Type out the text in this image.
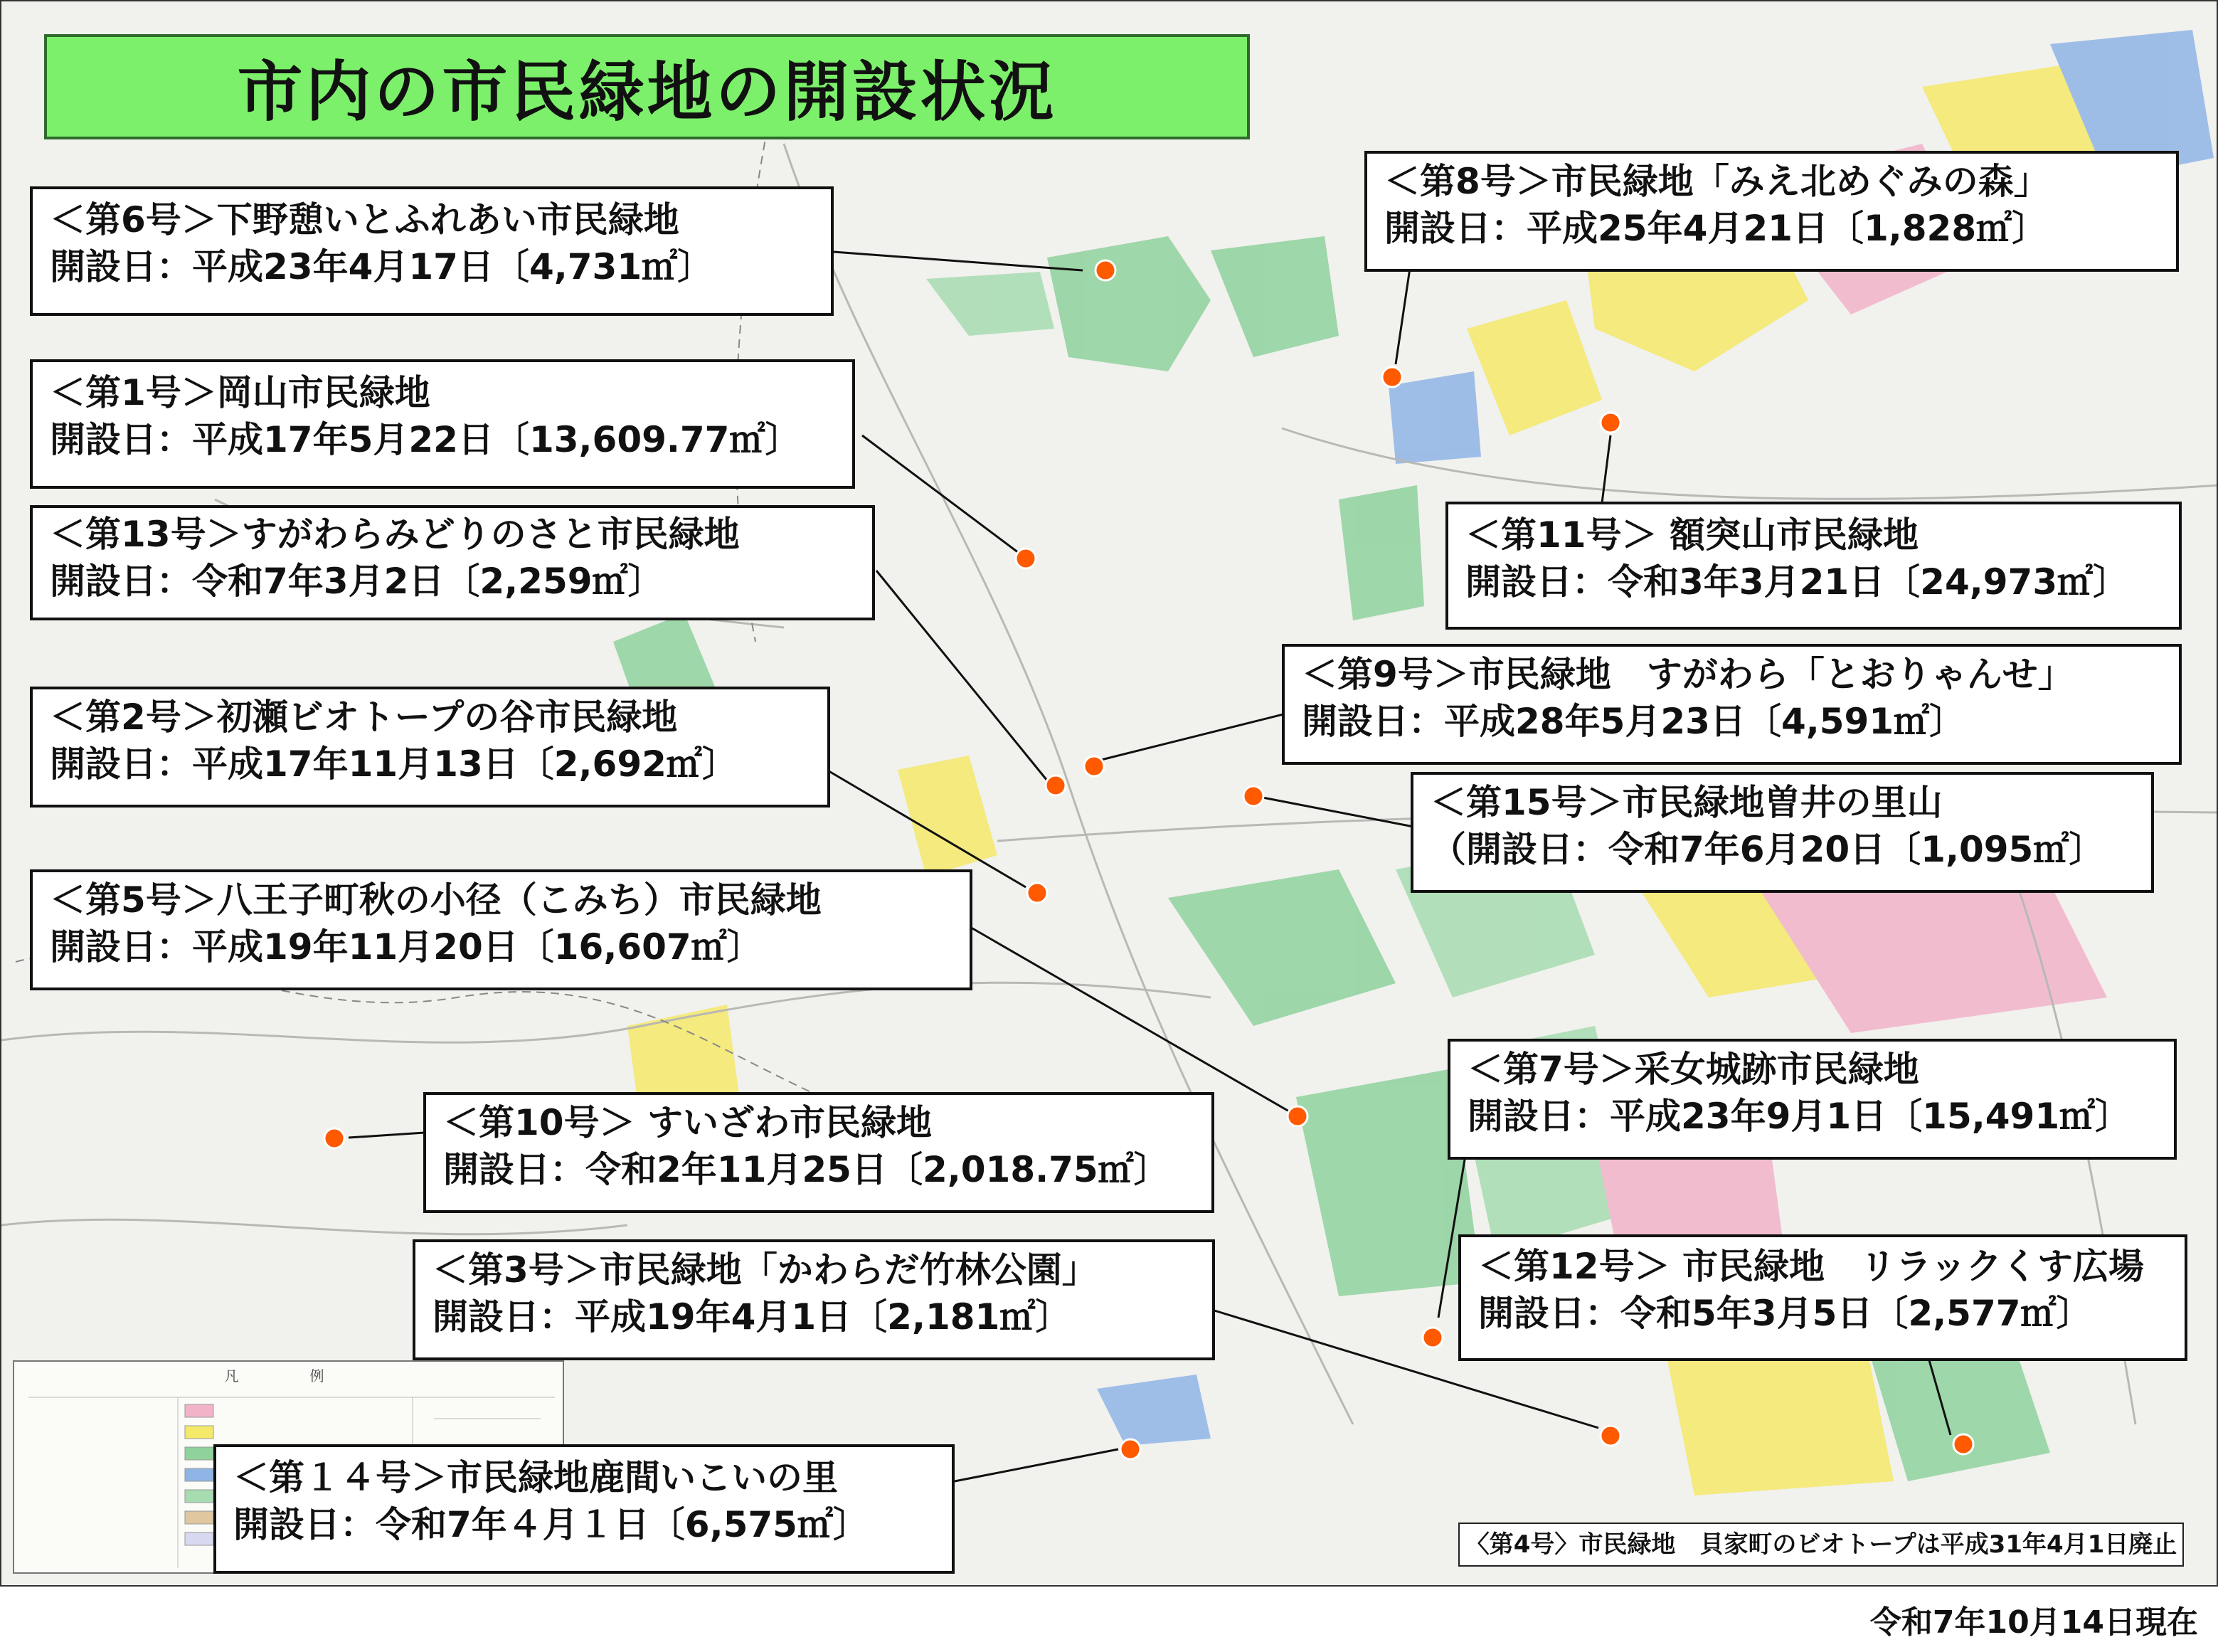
凡　例
市内の市民緑地の開設状況
＜第6号＞下野憩いとふれあい市民緑地
開設日：平成23年4月17日〔4,731㎡〕
＜第1号＞岡山市民緑地
開設日：平成17年5月22日〔13,609.77㎡〕
＜第13号＞すがわらみどりのさと市民緑地
開設日：令和7年3月2日〔2,259㎡〕
＜第2号＞初瀬ビオトープの谷市民緑地
開設日：平成17年11月13日〔2,692㎡〕
＜第5号＞八王子町秋の小径（こみち）市民緑地
開設日：平成19年11月20日〔16,607㎡〕
＜第10号＞ すいざわ市民緑地
開設日：令和2年11月25日〔2,018.75㎡〕
＜第3号＞市民緑地「かわらだ竹林公園」
開設日：平成19年4月1日〔2,181㎡〕
＜第１４号＞市民緑地鹿間いこいの里
開設日：令和7年４月１日〔6,575㎡〕
＜第8号＞市民緑地「みえ北めぐみの森」
開設日：平成25年4月21日〔1,828㎡〕
＜第11号＞ 額突山市民緑地
開設日：令和3年3月21日〔24,973㎡〕
＜第9号＞市民緑地　すがわら「とおりゃんせ」
開設日：平成28年5月23日〔4,591㎡〕
＜第15号＞市民緑地曽井の里山
（開設日：令和7年6月20日〔1,095㎡〕
＜第7号＞采女城跡市民緑地
開設日：平成23年9月1日〔15,491㎡〕
＜第12号＞ 市民緑地　リラックくす広場
開設日：令和5年3月5日〔2,577㎡〕
〈第4号〉市民緑地　貝家町のビオトープは平成31年4月1日廃止
令和7年10月14日現在
